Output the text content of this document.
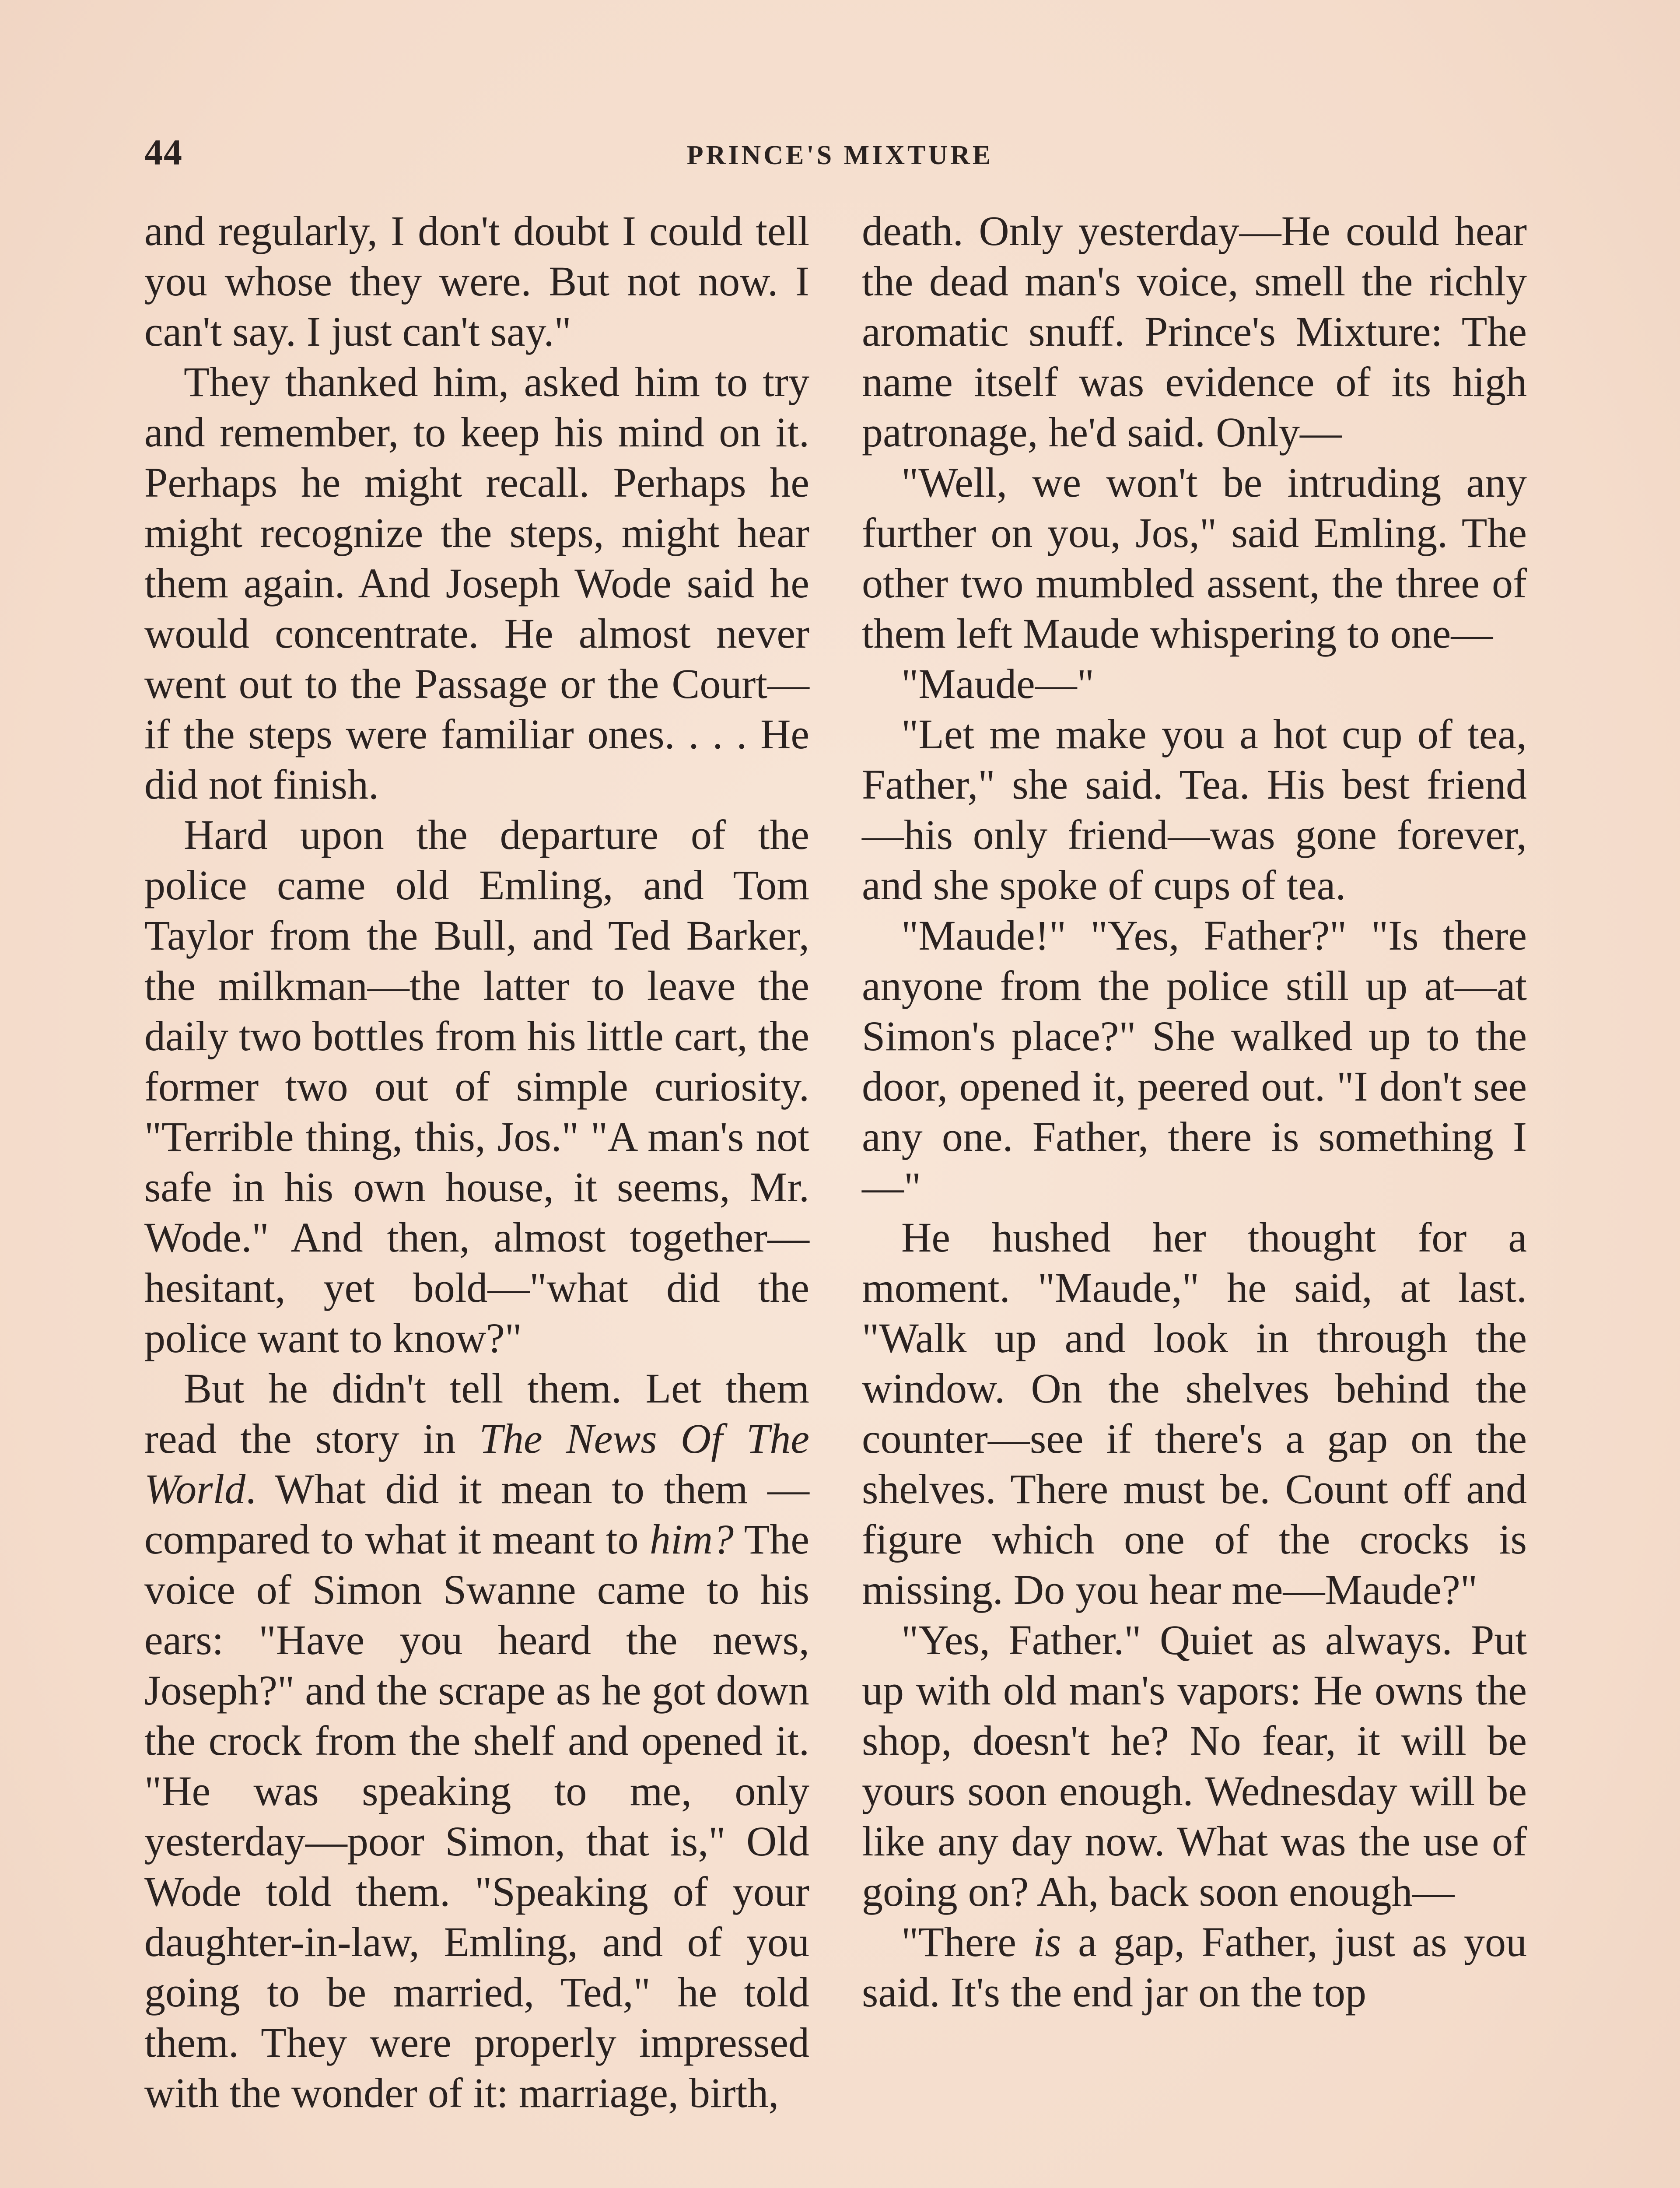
44	PRINCE'S MIXTURE

and regularly, I don't doubt I could tell you whose they were. But not now. I can't say. I just can't say."

They thanked him, asked him to try and remember, to keep his mind on it. Perhaps he might recall. Perhaps he might recognize the steps, might hear them again. And Joseph Wode said he would concentrate. He almost never went out to the Passage or the Court—if the steps were familiar ones. . . . He did not finish.

Hard upon the departure of the police came old Emling, and Tom Taylor from the Bull, and Ted Barker, the milkman—the latter to leave the daily two bottles from his little cart, the former two out of simple curiosity. "Terrible thing, this, Jos." "A man's not safe in his own house, it seems, Mr. Wode." And then, almost together—hesitant, yet bold—"what did the police want to know?"

But he didn't tell them. Let them read the story in The News Of The World. What did it mean to them —compared to what it meant to him? The voice of Simon Swanne came to his ears: "Have you heard the news, Joseph?" and the scrape as he got down the crock from the shelf and opened it. "He was speaking to me, only yesterday—poor Simon, that is," Old Wode told them. "Speaking of your daughter-in-law, Emling, and of you going to be married, Ted," he told them. They were properly impressed with the wonder of it: marriage, birth,

death. Only yesterday—He could hear the dead man's voice, smell the richly aromatic snuff. Prince's Mixture: The name itself was evidence of its high patronage, he'd said. Only—

"Well, we won't be intruding any further on you, Jos," said Emling. The other two mumbled assent, the three of them left Maude whispering to one—

"Maude—"

"Let me make you a hot cup of tea, Father," she said. Tea. His best friend—his only friend—was gone forever, and she spoke of cups of tea.

"Maude!" "Yes, Father?" "Is there anyone from the police still up at—at Simon's place?" She walked up to the door, opened it, peered out. "I don't see any one. Father, there is something I—"

He hushed her thought for a moment. "Maude," he said, at last. "Walk up and look in through the window. On the shelves behind the counter—see if there's a gap on the shelves. There must be. Count off and figure which one of the crocks is missing. Do you hear me—Maude?"

"Yes, Father." Quiet as always. Put up with old man's vapors: He owns the shop, doesn't he? No fear, it will be yours soon enough. Wednesday will be like any day now. What was the use of going on? Ah, back soon enough—

"There is a gap, Father, just as you said. It's the end jar on the top
